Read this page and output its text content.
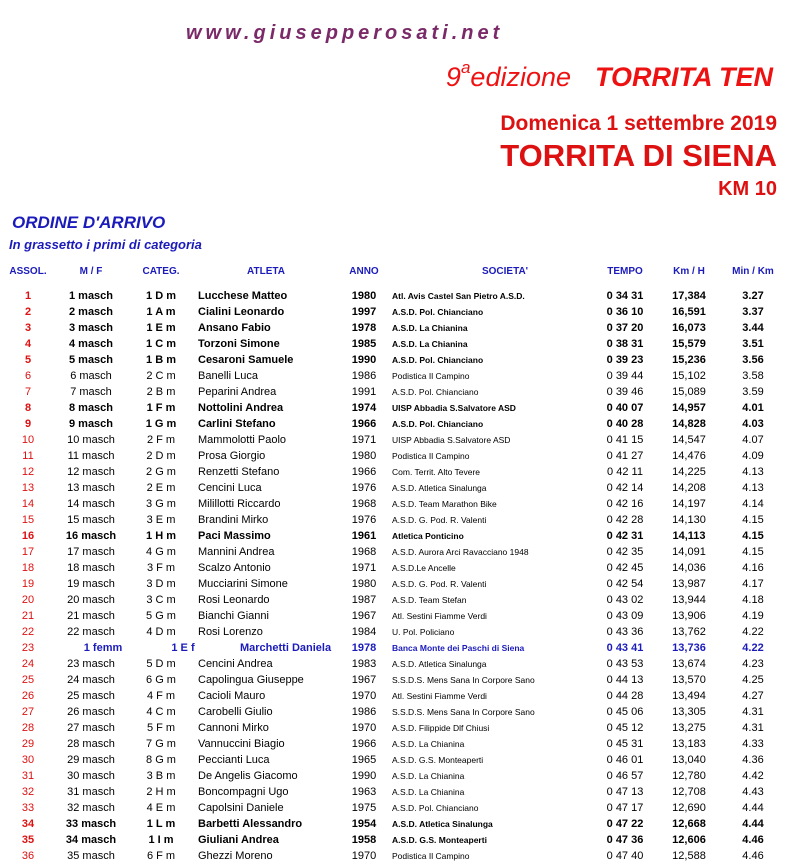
www.giusepperosati.net
9$^a$edizione TORRITA TEN
Domenica 1 settembre 2019
TORRITA DI SIENA
KM 10
ORDINE D'ARRIVO
In grassetto i primi di categoria
ASSOL.	M / F	CATEG.	ATLETA	ANNO	SOCIETA'	TEMPO	Km / H	Min / Km
1	1 masch	1 D m	Lucchese Matteo	1980	Atl. Avis Castel San Pietro A.S.D.	0 34 31	17,384	3.27
2	2 masch	1 A m	Cialini Leonardo	1997	A.S.D. Pol. Chianciano	0 36 10	16,591	3.37
3	3 masch	1 E m	Ansano Fabio	1978	A.S.D. La Chianina	0 37 20	16,073	3.44
4	4 masch	1 C m	Torzoni Simone	1985	A.S.D. La Chianina	0 38 31	15,579	3.51
5	5 masch	1 B m	Cesaroni Samuele	1990	A.S.D. Pol. Chianciano	0 39 23	15,236	3.56
6	6 masch	2 C m	Banelli Luca	1986	Podistica Il Campino	0 39 44	15,102	3.58
7	7 masch	2 B m	Peparini Andrea	1991	A.S.D. Pol. Chianciano	0 39 46	15,089	3.59
8	8 masch	1 F m	Nottolini Andrea	1974	UISP Abbadia S.Salvatore ASD	0 40 07	14,957	4.01
9	9 masch	1 G m	Carlini Stefano	1966	A.S.D. Pol. Chianciano	0 40 28	14,828	4.03
10	10 masch	2 F m	Mammolotti Paolo	1971	UISP Abbadia S.Salvatore ASD	0 41 15	14,547	4.07
11	11 masch	2 D m	Prosa Giorgio	1980	Podistica Il Campino	0 41 27	14,476	4.09
12	12 masch	2 G m	Renzetti Stefano	1966	Com. Territ. Alto Tevere	0 42 11	14,225	4.13
13	13 masch	2 E m	Cencini Luca	1976	A.S.D. Atletica Sinalunga	0 42 14	14,208	4.13
14	14 masch	3 G m	Milillotti Riccardo	1968	A.S.D. Team Marathon Bike	0 42 16	14,197	4.14
15	15 masch	3 E m	Brandini Mirko	1976	A.S.D. G. Pod. R. Valenti	0 42 28	14,130	4.15
16	16 masch	1 H m	Paci Massimo	1961	Atletica Ponticino	0 42 31	14,113	4.15
17	17 masch	4 G m	Mannini Andrea	1968	A.S.D. Aurora Arci Ravacciano 1948	0 42 35	14,091	4.15
18	18 masch	3 F m	Scalzo Antonio	1971	A.S.D.Le Ancelle	0 42 45	14,036	4.16
19	19 masch	3 D m	Mucciarini Simone	1980	A.S.D. G. Pod. R. Valenti	0 42 54	13,987	4.17
20	20 masch	3 C m	Rosi Leonardo	1987	A.S.D. Team Stefan	0 43 02	13,944	4.18
21	21 masch	5 G m	Bianchi Gianni	1967	Atl. Sestini Fiamme Verdi	0 43 09	13,906	4.19
22	22 masch	4 D m	Rosi Lorenzo	1984	U. Pol. Policiano	0 43 36	13,762	4.22
23	1 femm	1 E f	Marchetti Daniela	1978	Banca Monte dei Paschi di Siena	0 43 41	13,736	4.22
24	23 masch	5 D m	Cencini Andrea	1983	A.S.D. Atletica Sinalunga	0 43 53	13,674	4.23
25	24 masch	6 G m	Capolingua Giuseppe	1967	S.S.D.S. Mens Sana In Corpore Sano	0 44 13	13,570	4.25
26	25 masch	4 F m	Cacioli Mauro	1970	Atl. Sestini Fiamme Verdi	0 44 28	13,494	4.27
27	26 masch	4 C m	Carobelli Giulio	1986	S.S.D.S. Mens Sana In Corpore Sano	0 45 06	13,305	4.31
28	27 masch	5 F m	Cannoni Mirko	1970	A.S.D. Filippide Dlf Chiusi	0 45 12	13,275	4.31
29	28 masch	7 G m	Vannuccini Biagio	1966	A.S.D. La Chianina	0 45 31	13,183	4.33
30	29 masch	8 G m	Peccianti Luca	1965	A.S.D. G.S. Monteaperti	0 46 01	13,040	4.36
31	30 masch	3 B m	De Angelis Giacomo	1990	A.S.D. La Chianina	0 46 57	12,780	4.42
32	31 masch	2 H m	Boncompagni Ugo	1963	A.S.D. La Chianina	0 47 13	12,708	4.43
33	32 masch	4 E m	Capolsini Daniele	1975	A.S.D. Pol. Chianciano	0 47 17	12,690	4.44
34	33 masch	1 L m	Barbetti Alessandro	1954	A.S.D. Atletica Sinalunga	0 47 22	12,668	4.44
35	34 masch	1 I m	Giuliani Andrea	1958	A.S.D. G.S. Monteaperti	0 47 36	12,606	4.46
36	35 masch	6 F m	Ghezzi Moreno	1970	Podistica Il Campino	0 47 40	12,588	4.46
